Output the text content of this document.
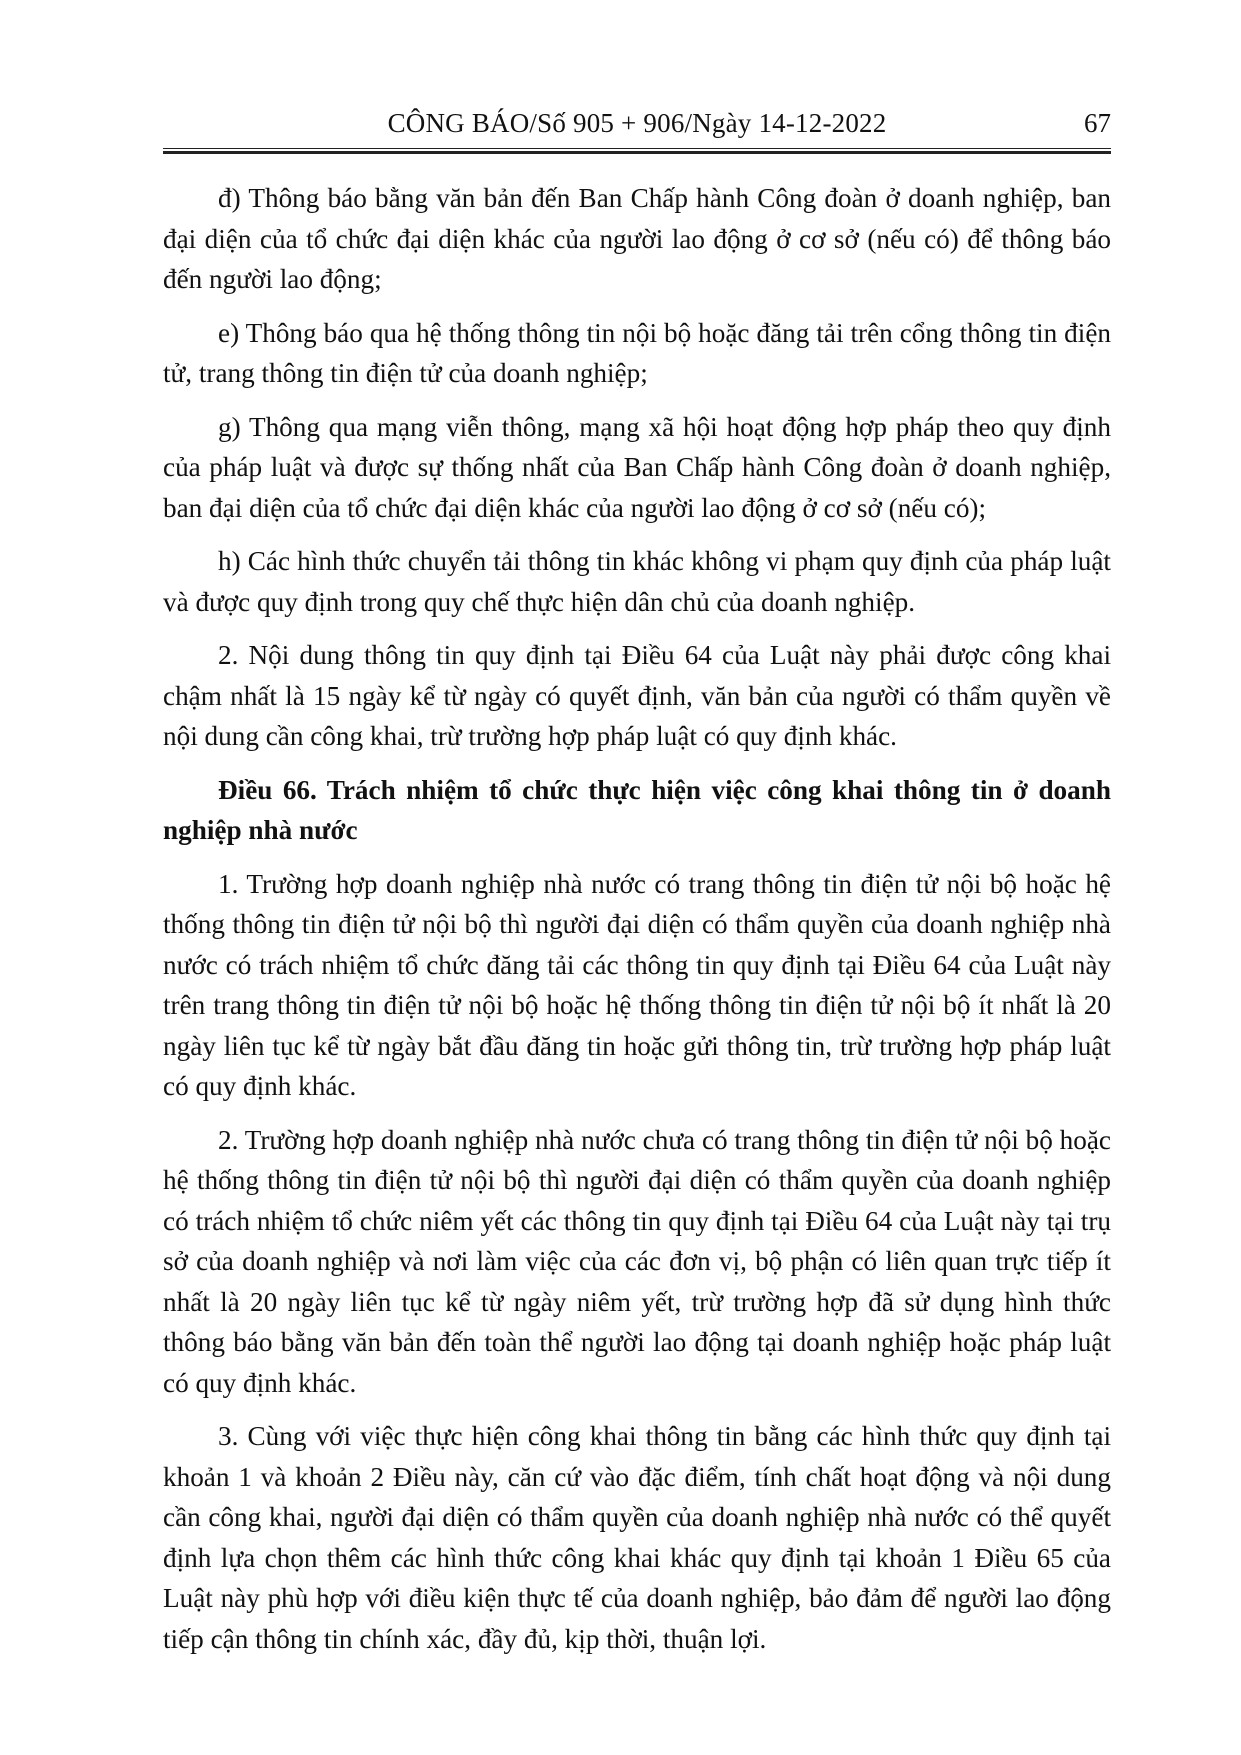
CÔNG BÁO/Số 905 + 906/Ngày 14-12-2022	67

đ) Thông báo bằng văn bản đến Ban Chấp hành Công đoàn ở doanh nghiệp, ban đại diện của tổ chức đại diện khác của người lao động ở cơ sở (nếu có) để thông báo đến người lao động;

e) Thông báo qua hệ thống thông tin nội bộ hoặc đăng tải trên cổng thông tin điện tử, trang thông tin điện tử của doanh nghiệp;

g) Thông qua mạng viễn thông, mạng xã hội hoạt động hợp pháp theo quy định của pháp luật và được sự thống nhất của Ban Chấp hành Công đoàn ở doanh nghiệp, ban đại diện của tổ chức đại diện khác của người lao động ở cơ sở (nếu có);

h) Các hình thức chuyển tải thông tin khác không vi phạm quy định của pháp luật và được quy định trong quy chế thực hiện dân chủ của doanh nghiệp.

2. Nội dung thông tin quy định tại Điều 64 của Luật này phải được công khai chậm nhất là 15 ngày kể từ ngày có quyết định, văn bản của người có thẩm quyền về nội dung cần công khai, trừ trường hợp pháp luật có quy định khác.

Điều 66. Trách nhiệm tổ chức thực hiện việc công khai thông tin ở doanh nghiệp nhà nước

1. Trường hợp doanh nghiệp nhà nước có trang thông tin điện tử nội bộ hoặc hệ thống thông tin điện tử nội bộ thì người đại diện có thẩm quyền của doanh nghiệp nhà nước có trách nhiệm tổ chức đăng tải các thông tin quy định tại Điều 64 của Luật này trên trang thông tin điện tử nội bộ hoặc hệ thống thông tin điện tử nội bộ ít nhất là 20 ngày liên tục kể từ ngày bắt đầu đăng tin hoặc gửi thông tin, trừ trường hợp pháp luật có quy định khác.

2. Trường hợp doanh nghiệp nhà nước chưa có trang thông tin điện tử nội bộ hoặc hệ thống thông tin điện tử nội bộ thì người đại diện có thẩm quyền của doanh nghiệp có trách nhiệm tổ chức niêm yết các thông tin quy định tại Điều 64 của Luật này tại trụ sở của doanh nghiệp và nơi làm việc của các đơn vị, bộ phận có liên quan trực tiếp ít nhất là 20 ngày liên tục kể từ ngày niêm yết, trừ trường hợp đã sử dụng hình thức thông báo bằng văn bản đến toàn thể người lao động tại doanh nghiệp hoặc pháp luật có quy định khác.

3. Cùng với việc thực hiện công khai thông tin bằng các hình thức quy định tại khoản 1 và khoản 2 Điều này, căn cứ vào đặc điểm, tính chất hoạt động và nội dung cần công khai, người đại diện có thẩm quyền của doanh nghiệp nhà nước có thể quyết định lựa chọn thêm các hình thức công khai khác quy định tại khoản 1 Điều 65 của Luật này phù hợp với điều kiện thực tế của doanh nghiệp, bảo đảm để người lao động tiếp cận thông tin chính xác, đầy đủ, kịp thời, thuận lợi.
